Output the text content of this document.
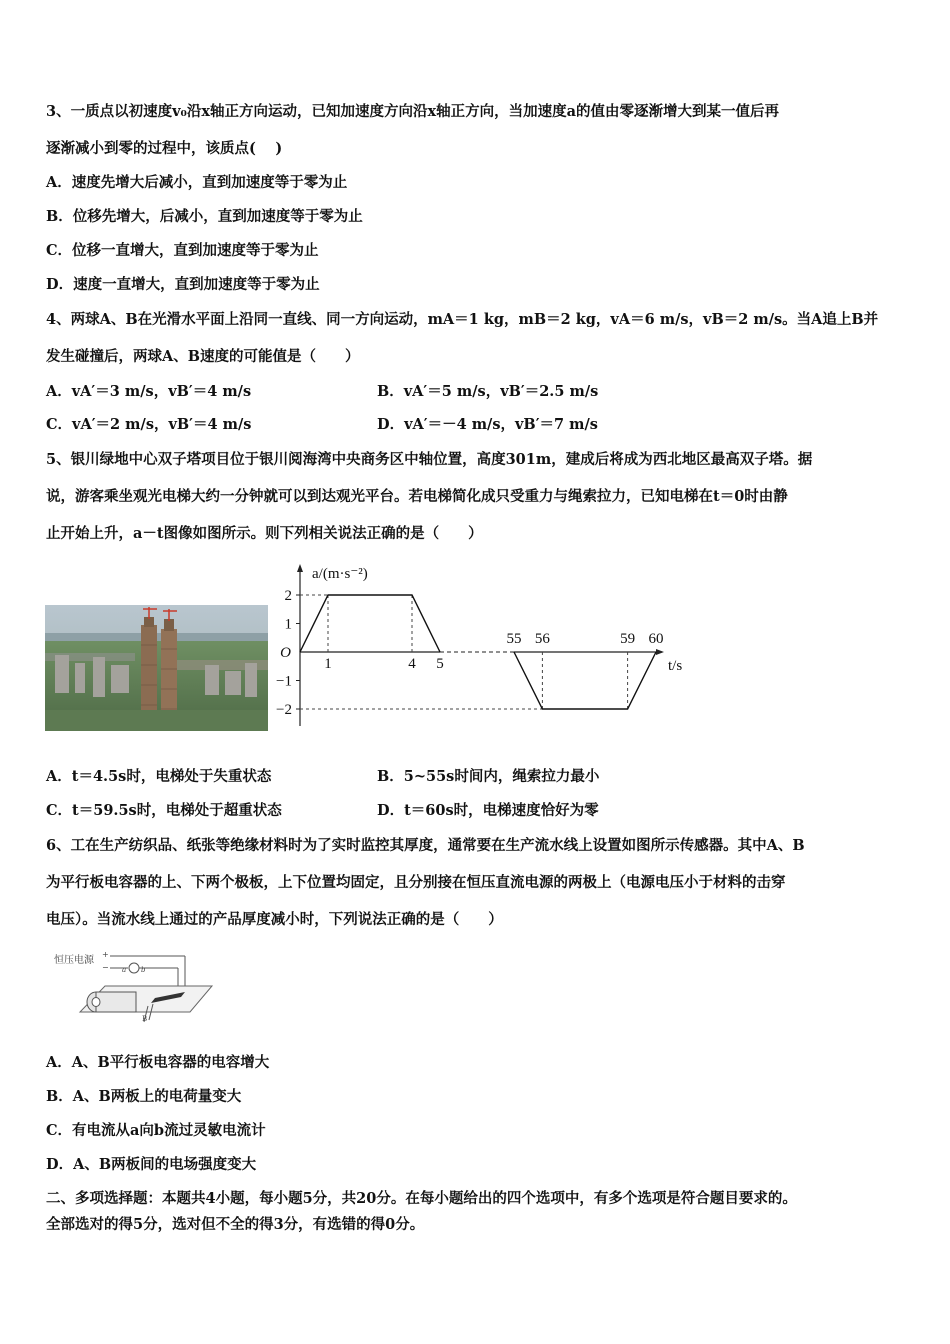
3、一质点以初速度v₀沿x轴正方向运动，已知加速度方向沿x轴正方向，当加速度a的值由零逐渐增大到某一值后再
逐渐减小到零的过程中，该质点(　 )
A．速度先增大后减小，直到加速度等于零为止
B．位移先增大，后减小，直到加速度等于零为止
C．位移一直增大，直到加速度等于零为止
D．速度一直增大，直到加速度等于零为止
4、两球A、B在光滑水平面上沿同一直线、同一方向运动，mA＝1 kg，mB＝2 kg，vA＝6 m/s，vB＝2 m/s。当A追上B并
发生碰撞后，两球A、B速度的可能值是（　　）
A．vA′＝3 m/s，vB′＝4 m/s	B．vA′＝5 m/s，vB′＝2.5 m/s
C．vA′＝2 m/s，vB′＝4 m/s	D．vA′＝－4 m/s，vB′＝7 m/s
5、银川绿地中心双子塔项目位于银川阅海湾中央商务区中轴位置，高度301m，建成后将成为西北地区最高双子塔。据
说，游客乘坐观光电梯大约一分钟就可以到达观光平台。若电梯简化成只受重力与绳索拉力，已知电梯在t＝0时由静
止开始上升，a－t图像如图所示。则下列相关说法正确的是（　　）
2
1
−1
−2
O
1	4 5
55 56	59 60
a/(m·s⁻²)
t/s
A．t＝4.5s时，电梯处于失重状态	B．5~55s时间内，绳索拉力最小
C．t＝59.5s时，电梯处于超重状态	D．t＝60s时，电梯速度恰好为零
6、工在生产纺织品、纸张等绝缘材料时为了实时监控其厚度，通常要在生产流水线上设置如图所示传感器。其中A、B
为平行板电容器的上、下两个极板，上下位置均固定，且分别接在恒压直流电源的两极上（电源电压小于材料的击穿
电压）。当流水线上通过的产品厚度减小时，下列说法正确的是（　　）
恒压电源
+
− a b
B
A．A、B平行板电容器的电容增大
B．A、B两板上的电荷量变大
C．有电流从a向b流过灵敏电流计
D．A、B两板间的电场强度变大
二、多项选择题：本题共4小题，每小题5分，共20分。在每小题给出的四个选项中，有多个选项是符合题目要求的。
全部选对的得5分，选对但不全的得3分，有选错的得0分。
